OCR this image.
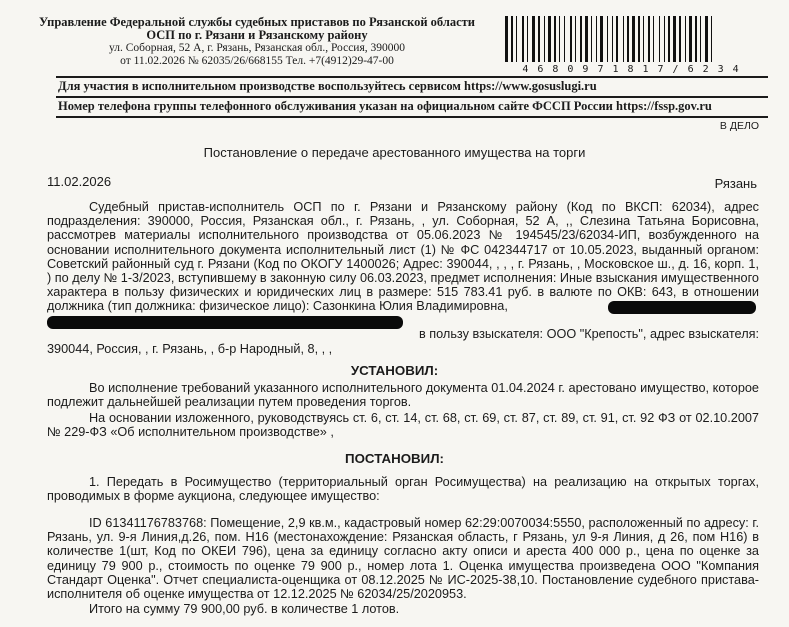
Управление Федеральной службы судебных приставов по Рязанской области
ОСП по г. Рязани и Рязанскому району
ул. Соборная, 52 А, г. Рязань, Рязанская обл., Россия, 390000
от 11.02.2026 № 62035/26/668155 Тел. +7(4912)29-47-00
4680971817/6234
Для участия в исполнительном производстве воспользуйтесь сервисом https://www.gosuslugi.ru
Номер телефона группы телефонного обслуживания указан на официальном сайте ФССП России https://fssp.gov.ru
В ДЕЛО
Постановление о передаче арестованного имущества на торги
11.02.2026	Рязань
Судебный пристав-исполнитель ОСП по г. Рязани и Рязанскому району (Код по ВКСП: 62034), адрес подразделения: 390000, Россия, Рязанская обл., г. Рязань, , ул. Соборная, 52 А, ,, Слезина Татьяна Борисовна, рассмотрев материалы исполнительного производства от 05.06.2023 № 194545/23/62034-ИП, возбужденного на основании исполнительного документа исполнительный лист (1) № ФС 042344717 от 10.05.2023, выданный органом: Советский районный суд г. Рязани (Код по ОКОГУ 1400026; Адрес: 390044, , , , г. Рязань, , Московское ш., д. 16, корп. 1, ) по делу № 1-3/2023, вступившему в законную силу 06.03.2023, предмет исполнения: Иные взыскания имущественного характера в пользу физических и юридических лиц в размере: 515 783.41 руб. в валюте по ОКВ: 643, в отношении должника (тип должника: физическое лицо): Сазонкина Юлия Владимировна,
в пользу взыскателя: ООО "Крепость", адрес взыскателя:
390044, Россия, , г. Рязань, , б-р Народный, 8, , ,
УСТАНОВИЛ:
Во исполнение требований указанного исполнительного документа 01.04.2024 г. арестовано имущество, которое подлежит дальнейшей реализации путем проведения торгов.
На основании изложенного, руководствуясь ст. 6, ст. 14, ст. 68, ст. 69, ст. 87, ст. 89, ст. 91, ст. 92 ФЗ от 02.10.2007 № 229-ФЗ «Об исполнительном производстве» ,
ПОСТАНОВИЛ:
1. Передать в Росимущество (территориальный орган Росимущества) на реализацию на открытых торгах, проводимых в форме аукциона, следующее имущество:
ID 61341176783768: Помещение, 2,9 кв.м., кадастровый номер 62:29:0070034:5550, расположенный по адресу: г. Рязань, ул. 9-я Линия,д.26, пом. Н16 (местонахождение: Рязанская область, г Рязань, ул 9-я Линия, д 26, пом Н16) в количестве 1(шт, Код по ОКЕИ 796), цена за единицу согласно акту описи и ареста 400 000 р., цена по оценке за единицу 79 900 р., стоимость по оценке 79 900 р., номер лота 1. Оценка имущества произведена ООО "Компания Стандарт Оценка". Отчет специалиста-оценщика от 08.12.2025 № ИС-2025-38,10. Постановление судебного пристава-исполнителя об оценке имущества от 12.12.2025 № 62034/25/2020953.
Итого на сумму 79 900,00 руб. в количестве 1 лотов.
